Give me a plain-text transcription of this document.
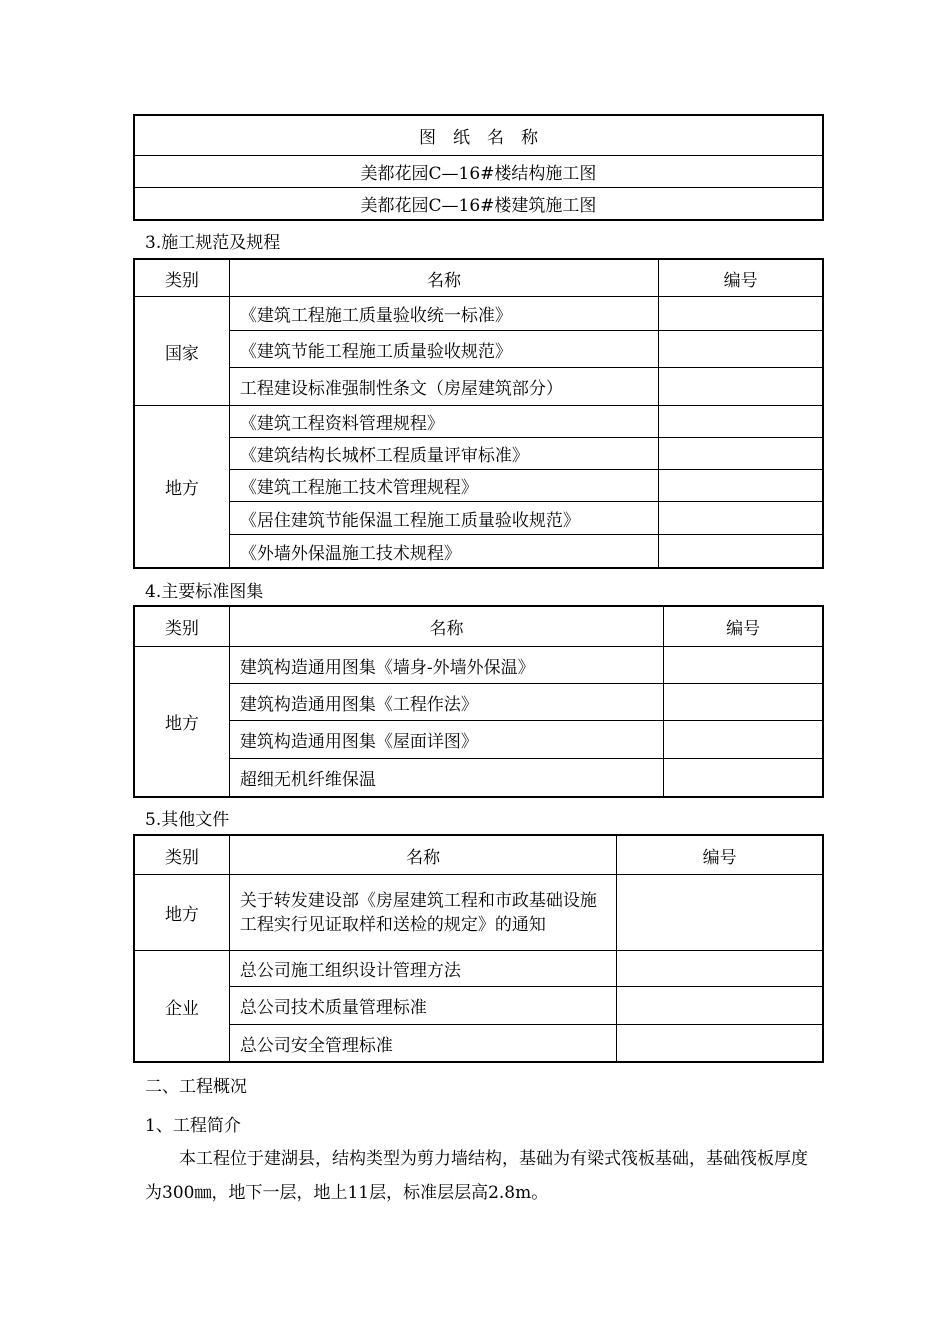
图　纸　名　称
美都花园C—16#楼结构施工图
美都花园C—16#楼建筑施工图
3.施工规范及规程
类别	名称	编号
国家	《建筑工程施工质量验收统一标准》	
	《建筑节能工程施工质量验收规范》	
	工程建设标准强制性条文（房屋建筑部分）	
地方	《建筑工程资料管理规程》	
	《建筑结构长城杯工程质量评审标准》	
	《建筑工程施工技术管理规程》	
	《居住建筑节能保温工程施工质量验收规范》	
	《外墙外保温施工技术规程》	
4.主要标准图集
类别	名称	编号
地方	建筑构造通用图集《墙身-外墙外保温》	
	建筑构造通用图集《工程作法》	
	建筑构造通用图集《屋面详图》	
	超细无机纤维保温	
5.其他文件
类别	名称	编号
地方	关于转发建设部《房屋建筑工程和市政基础设施工程实行见证取样和送检的规定》的通知	
企业	总公司施工组织设计管理方法	
	总公司技术质量管理标准	
	总公司安全管理标准	
二、工程概况
1、工程简介

本工程位于建湖县，结构类型为剪力墙结构，基础为有梁式筏板基础，基础筏板厚度为300㎜，地下一层，地上11层，标准层层高2.8m。
